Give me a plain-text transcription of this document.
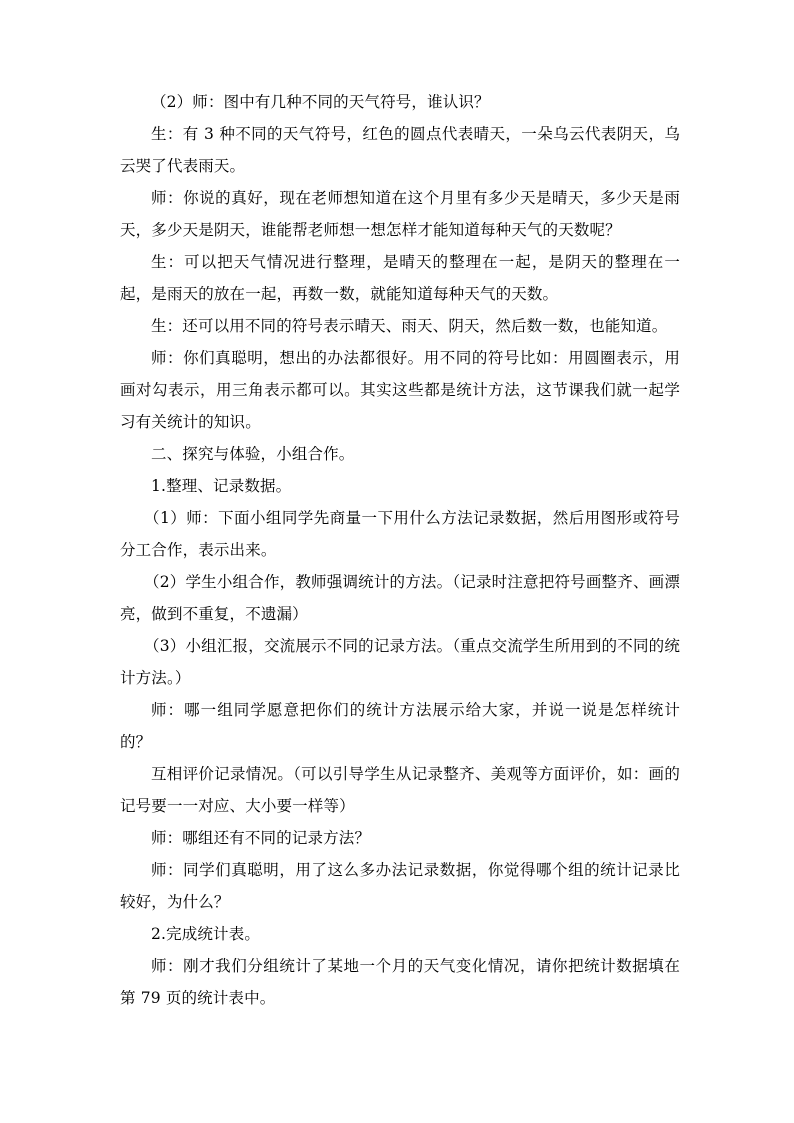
（2）师：图中有几种不同的天气符号，谁认识？

生：有 3 种不同的天气符号，红色的圆点代表晴天，一朵乌云代表阴天，乌云哭了代表雨天。

师：你说的真好，现在老师想知道在这个月里有多少天是晴天，多少天是雨天，多少天是阴天，谁能帮老师想一想怎样才能知道每种天气的天数呢？

生：可以把天气情况进行整理，是晴天的整理在一起，是阴天的整理在一起，是雨天的放在一起，再数一数，就能知道每种天气的天数。

生：还可以用不同的符号表示晴天、雨天、阴天，然后数一数，也能知道。

师：你们真聪明，想出的办法都很好。用不同的符号比如：用圆圈表示，用画对勾表示，用三角表示都可以。其实这些都是统计方法，这节课我们就一起学习有关统计的知识。

二、探究与体验，小组合作。

1.整理、记录数据。

（1）师：下面小组同学先商量一下用什么方法记录数据，然后用图形或符号分工合作，表示出来。

（2）学生小组合作，教师强调统计的方法。（记录时注意把符号画整齐、画漂亮，做到不重复，不遗漏）

（3）小组汇报，交流展示不同的记录方法。（重点交流学生所用到的不同的统计方法。）

师：哪一组同学愿意把你们的统计方法展示给大家，并说一说是怎样统计的？

互相评价记录情况。（可以引导学生从记录整齐、美观等方面评价，如：画的记号要一一对应、大小要一样等）

师：哪组还有不同的记录方法？

师：同学们真聪明，用了这么多办法记录数据，你觉得哪个组的统计记录比较好，为什么？

2.完成统计表。

师：刚才我们分组统计了某地一个月的天气变化情况，请你把统计数据填在第 79 页的统计表中。
